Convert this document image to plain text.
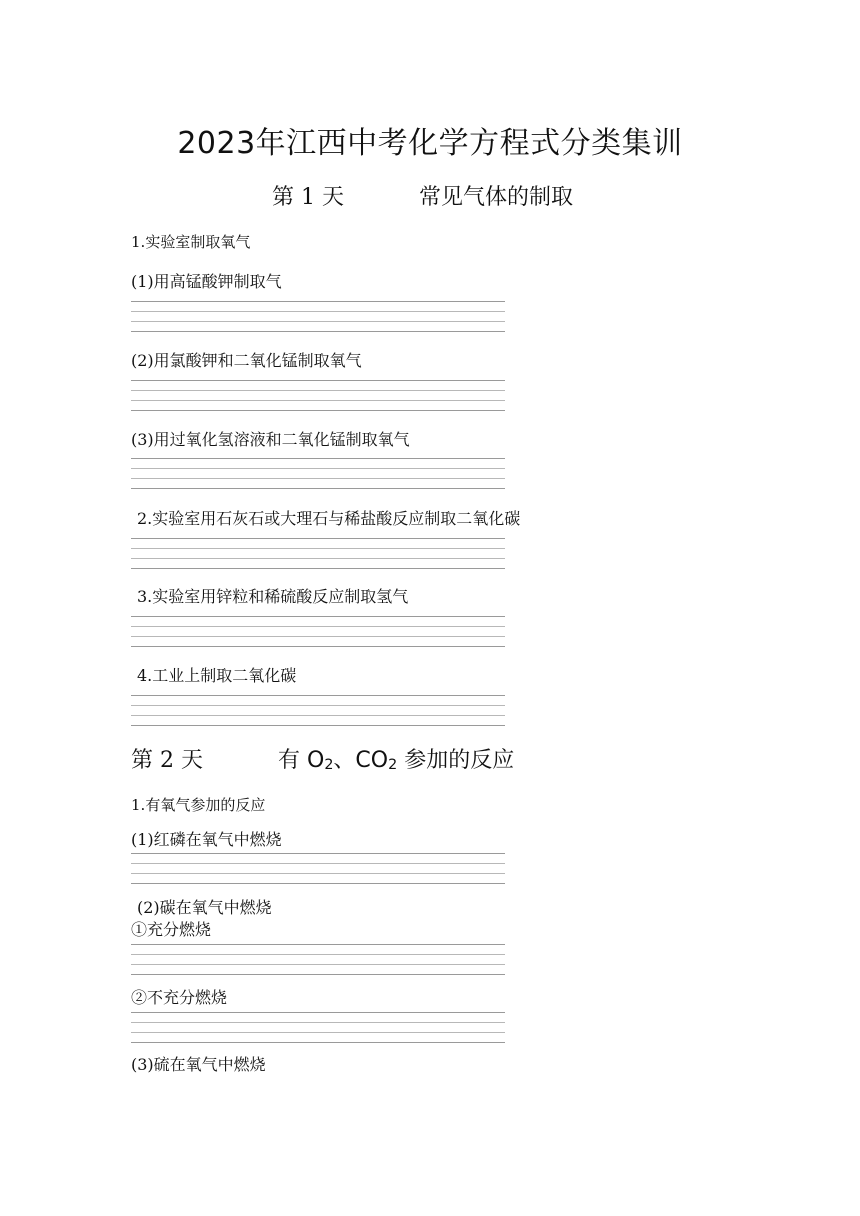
2023年江西中考化学方程式分类集训
第 1 天	常见气体的制取
1.实验室制取氧气
(1)用高锰酸钾制取气
(2)用氯酸钾和二氧化锰制取氧气
(3)用过氧化氢溶液和二氧化锰制取氧气
2.实验室用石灰石或大理石与稀盐酸反应制取二氧化碳
3.实验室用锌粒和稀硫酸反应制取氢气
4.工业上制取二氧化碳
第 2 天	有 $O_2$、$CO_2$ 参加的反应
1.有氧气参加的反应
(1)红磷在氧气中燃烧
(2)碳在氧气中燃烧
①充分燃烧
②不充分燃烧
(3)硫在氧气中燃烧
